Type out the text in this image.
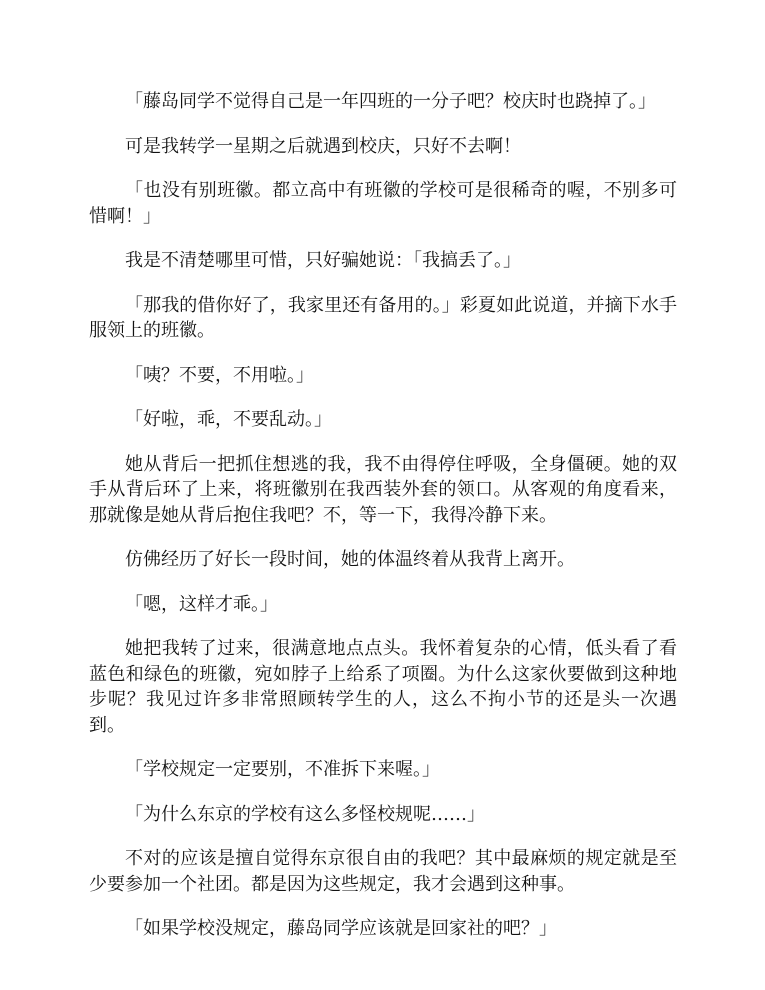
「藤岛同学不觉得自己是一年四班的一分子吧？校庆时也跷掉了。」

可是我转学一星期之后就遇到校庆，只好不去啊！

「也没有别班徽。都立高中有班徽的学校可是很稀奇的喔，不别多可惜啊！」

我是不清楚哪里可惜，只好骗她说：「我搞丢了。」

「那我的借你好了，我家里还有备用的。」彩夏如此说道，并摘下水手服领上的班徽。

「咦？不要，不用啦。」

「好啦，乖，不要乱动。」

她从背后一把抓住想逃的我，我不由得停住呼吸，全身僵硬。她的双手从背后环了上来，将班徽别在我西装外套的领口。从客观的角度看来，那就像是她从背后抱住我吧？不，等一下，我得冷静下来。

仿佛经历了好长一段时间，她的体温终着从我背上离开。

「嗯，这样才乖。」

她把我转了过来，很满意地点点头。我怀着复杂的心情，低头看了看蓝色和绿色的班徽，宛如脖子上给系了项圈。为什么这家伙要做到这种地步呢？我见过许多非常照顾转学生的人，这么不拘小节的还是头一次遇到。

「学校规定一定要别，不准拆下来喔。」

「为什么东京的学校有这么多怪校规呢……」

不对的应该是擅自觉得东京很自由的我吧？其中最麻烦的规定就是至少要参加一个社团。都是因为这些规定，我才会遇到这种事。

「如果学校没规定，藤岛同学应该就是回家社的吧？」
